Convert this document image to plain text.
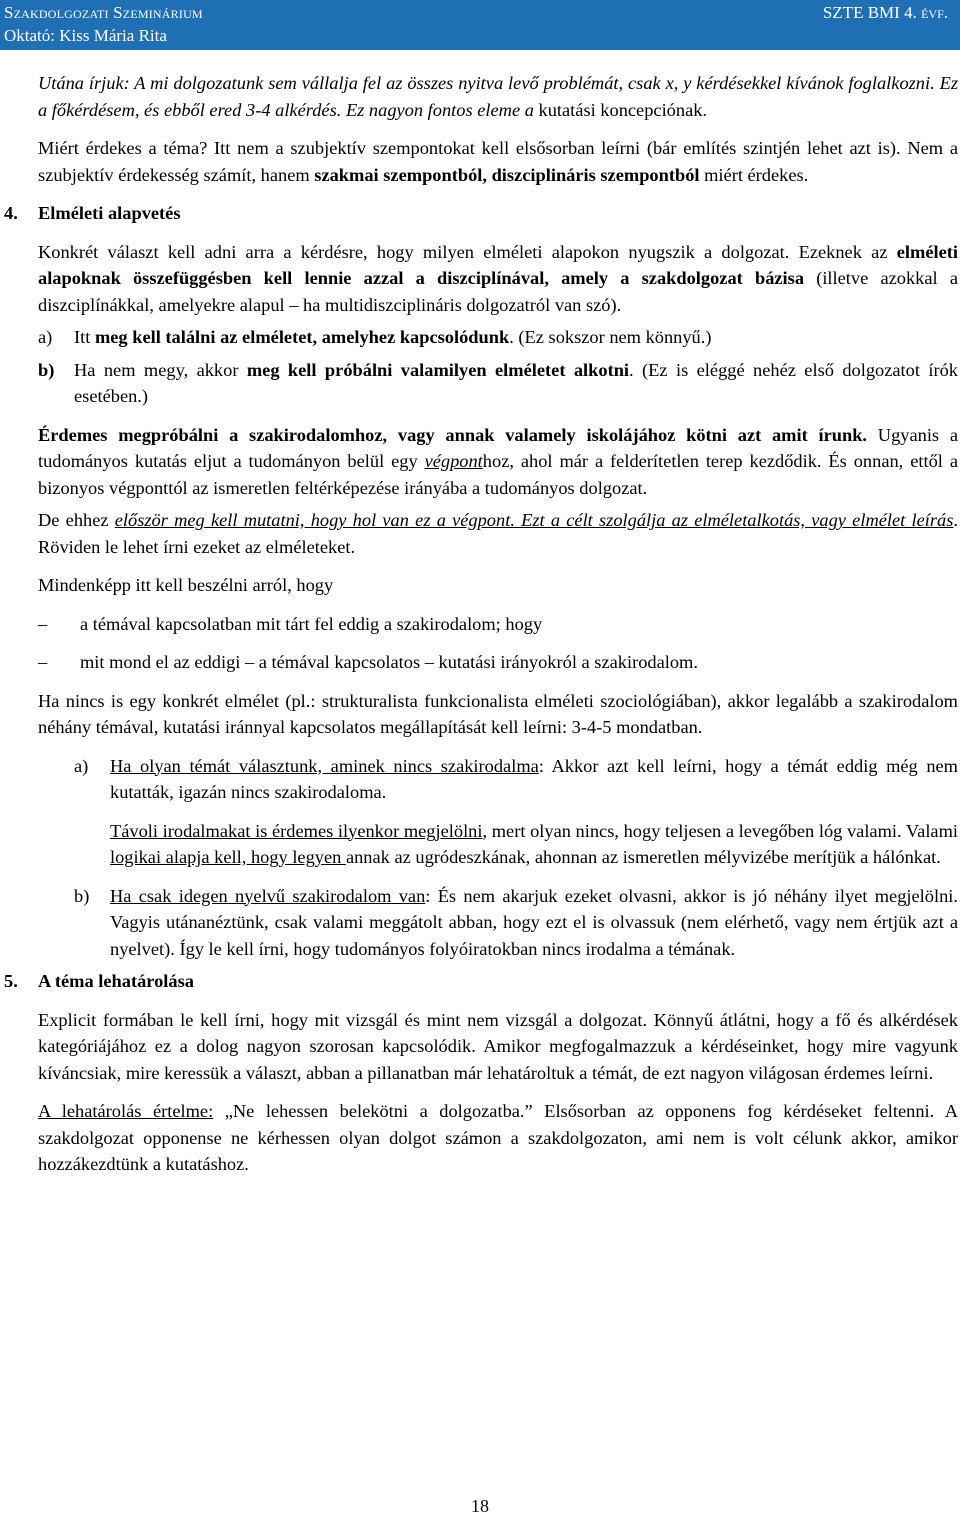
Szakdolgozati Szeminárium
Oktató: Kiss Mária Rita
SZTE BMI 4. évf.

Utána írjuk: A mi dolgozatunk sem vállalja fel az összes nyitva levő problémát, csak x, y kérdésekkel kívánok foglalkozni. Ez a főkérdésem, és ebből ered 3-4 alkérdés. Ez nagyon fontos eleme a kutatási koncepciónak.

Miért érdekes a téma? Itt nem a szubjektív szempontokat kell elsősorban leírni (bár említés szintjén lehet azt is). Nem a szubjektív érdekesség számít, hanem szakmai szempontból, diszciplináris szempontból miért érdekes.

4. Elméleti alapvetés

Konkrét választ kell adni arra a kérdésre, hogy milyen elméleti alapokon nyugszik a dolgozat. Ezeknek az elméleti alapoknak összefüggésben kell lennie azzal a diszciplínával, amely a szakdolgozat bázisa (illetve azokkal a diszciplínákkal, amelyekre alapul – ha multidiszciplináris dolgozatról van szó).

a) Itt meg kell találni az elméletet, amelyhez kapcsolódunk. (Ez sokszor nem könnyű.)

b) Ha nem megy, akkor meg kell próbálni valamilyen elméletet alkotni. (Ez is eléggé nehéz első dolgozatot írók esetében.)

Érdemes megpróbálni a szakirodalomhoz, vagy annak valamely iskolájához kötni azt amit írunk. Ugyanis a tudományos kutatás eljut a tudományon belül egy végponthoz, ahol már a felderítetlen terep kezdődik. És onnan, ettől a bizonyos végponttól az ismeretlen feltérképezése irányába a tudományos dolgozat.

De ehhez először meg kell mutatni, hogy hol van ez a végpont. Ezt a célt szolgálja az elméletalkotás, vagy elmélet leírás. Röviden le lehet írni ezeket az elméleteket.

Mindenképp itt kell beszélni arról, hogy

– a témával kapcsolatban mit tárt fel eddig a szakirodalom; hogy

– mit mond el az eddigi – a témával kapcsolatos – kutatási irányokról a szakirodalom.

Ha nincs is egy konkrét elmélet (pl.: strukturalista funkcionalista elméleti szociológiában), akkor legalább a szakirodalom néhány témával, kutatási iránnyal kapcsolatos megállapítását kell leírni: 3-4-5 mondatban.

a) Ha olyan témát választunk, aminek nincs szakirodalma: Akkor azt kell leírni, hogy a témát eddig még nem kutatták, igazán nincs szakirodaloma.

Távoli irodalmakat is érdemes ilyenkor megjelölni, mert olyan nincs, hogy teljesen a levegőben lóg valami. Valami logikai alapja kell, hogy legyen annak az ugródeszkának, ahonnan az ismeretlen mélyvizébe merítjük a hálónkat.

b) Ha csak idegen nyelvű szakirodalom van: És nem akarjuk ezeket olvasni, akkor is jó néhány ilyet megjelölni. Vagyis utánanéztünk, csak valami meggátolt abban, hogy ezt el is olvassuk (nem elérhető, vagy nem értjük azt a nyelvet). Így le kell írni, hogy tudományos folyóiratokban nincs irodalma a témának.

5. A téma lehatárolása

Explicit formában le kell írni, hogy mit vizsgál és mint nem vizsgál a dolgozat. Könnyű átlátni, hogy a fő és alkérdések kategóriájához ez a dolog nagyon szorosan kapcsolódik. Amikor megfogalmazzuk a kérdéseinket, hogy mire vagyunk kíváncsiak, mire keressük a választ, abban a pillanatban már lehatároltuk a témát, de ezt nagyon világosan érdemes leírni.

A lehatárolás értelme: „Ne lehessen belekötni a dolgozatba.” Elsősorban az opponens fog kérdéseket feltenni. A szakdolgozat opponense ne kérhessen olyan dolgot számon a szakdolgozaton, ami nem is volt célunk akkor, amikor hozzákezdtünk a kutatáshoz.

18
